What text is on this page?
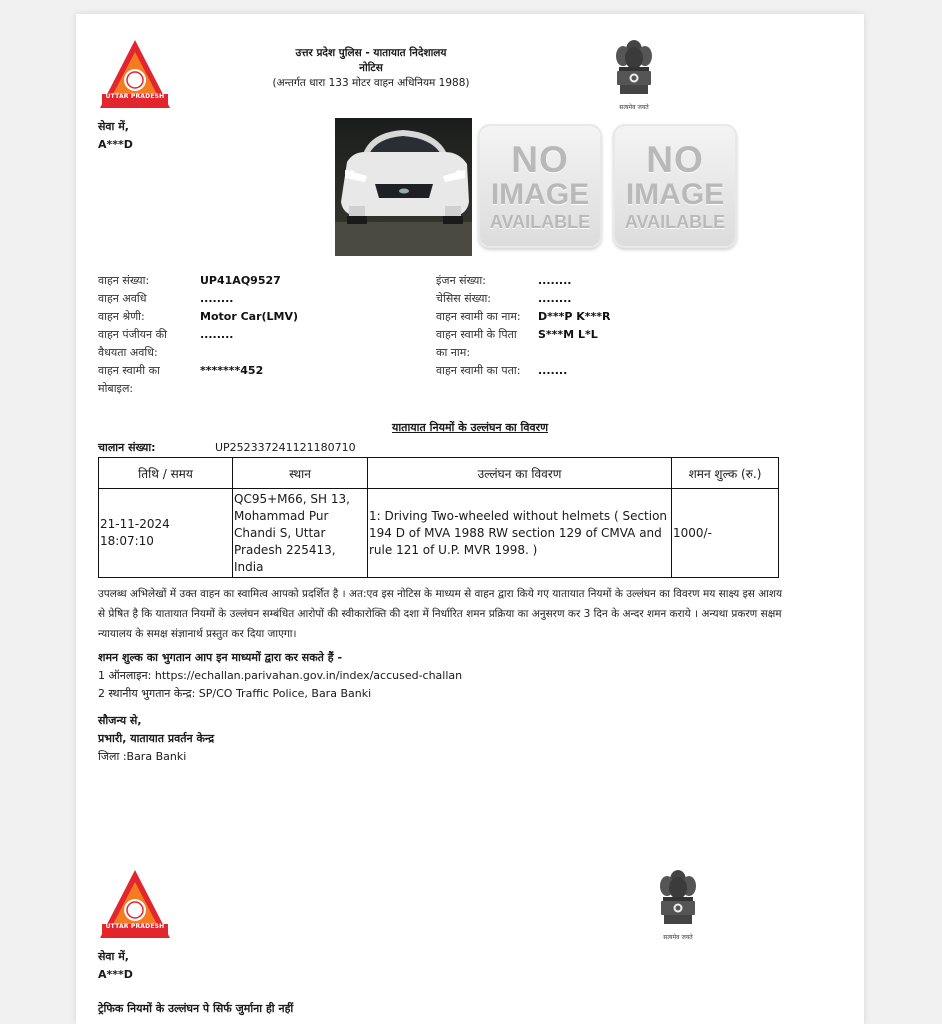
UTTAR PRADESH
उत्तर प्रदेश पुलिस - यातायात निदेशालय
नोटिस
(अन्तर्गत धारा 133 मोटर वाहन अधिनियम 1988)
सत्यमेव जयते
सेवा में,
A***D	NO
IMAGE
AVAILABLE
NO
IMAGE
AVAILABLE
वाहन संख्या:	UP41AQ9527
वाहन अवधि	........
वाहन श्रेणी:	Motor Car(LMV)
वाहन पंजीयन की	........
वैधयता अवधि:
वाहन स्वामी का	*******452
मोबाइल:
इंजन संख्या:	........
चेसिस संख्या:	........
वाहन स्वामी का नाम: D***P K***R
वाहन स्वामी के पिता S***M L*L
का नाम:
वाहन स्वामी का पता: .......
यातायात नियमों के उल्लंघन का विवरण
चालान संख्या:	UP252337241121180710
तिथि / समय	स्थान	उल्लंघन का विवरण	शमन शुल्क (रु.)

21-11-2024
18:07:10	QC95+M66, SH 13, Mohammad Pur Chandi S, Uttar Pradesh 225413, India	1: Driving Two-wheeled without helmets ( Section 194 D of MVA 1988 RW section 129 of CMVA and rule 121 of U.P. MVR 1998. )	1000/-
उपलब्ध अभिलेखों में उक्त वाहन का स्वामित्व आपको प्रदर्शित है । अत:एव इस नोटिस के माध्यम से वाहन द्वारा किये गए यातायात नियमों के उल्लंघन का विवरण मय साक्ष्य इस आशय से प्रेषित है कि यातायात नियमों के उल्लंघन सम्बंधित आरोपों की स्वीकारोक्ति की दशा में निर्धारित शमन प्रक्रिया का अनुसरण कर 3 दिन के अन्दर शमन कराये । अन्यथा प्रकरण सक्षम न्यायालय के समक्ष संज्ञानार्थ प्रस्तुत कर दिया जाएगा।
शमन शुल्क का भुगतान आप इन माध्यमों द्वारा कर सकते हैं -
1 ऑनलाइन: https://echallan.parivahan.gov.in/index/accused-challan
2 स्थानीय भुगतान केन्द्र: SP/CO Traffic Police, Bara Banki
सौजन्य से,
प्रभारी, यातायात प्रवर्तन केन्द्र
जिला :Bara Banki
UTTAR PRADESH
सत्यमेव जयते
सेवा में,
A***D
ट्रेफिक नियमों के उल्लंघन पे सिर्फ जुर्माना ही नहीं
